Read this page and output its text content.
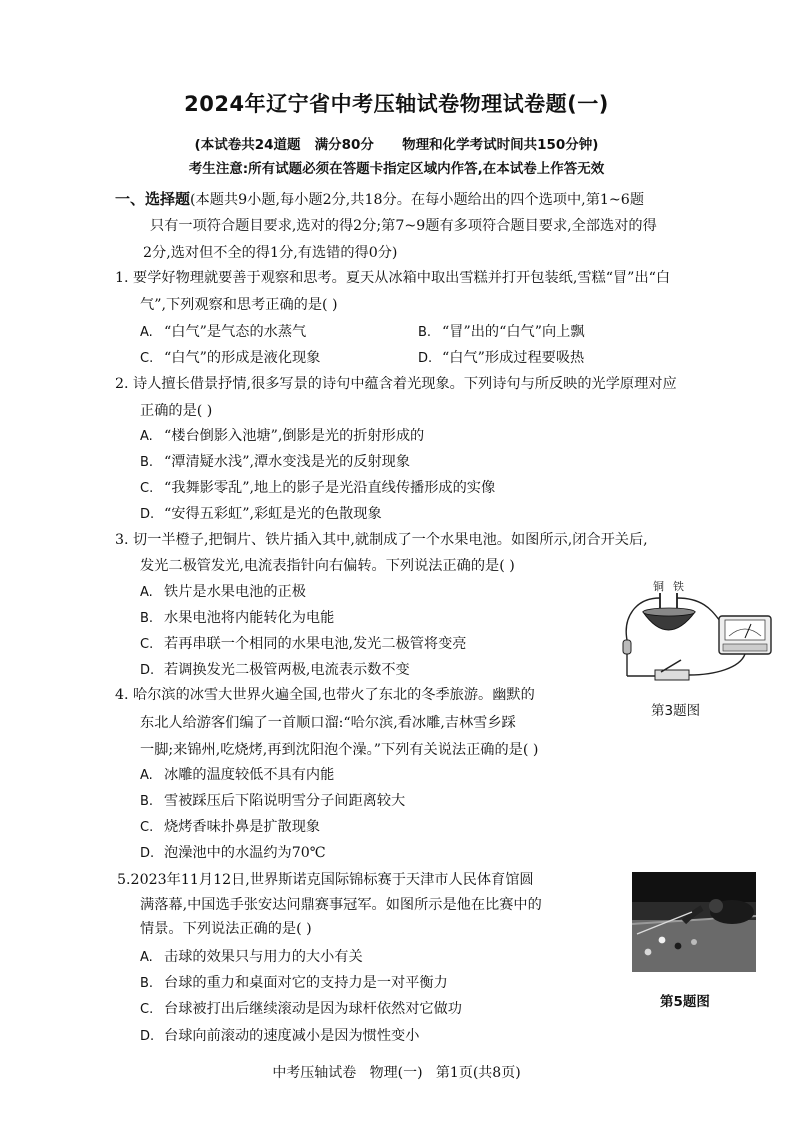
2024年辽宁省中考压轴试卷物理试卷题(一)
(本试卷共24道题   满分80分      物理和化学考试时间共150分钟)
考生注意:所有试题必须在答题卡指定区域内作答,在本试卷上作答无效
一、选择题(本题共9小题,每小题2分,共18分。在每小题给出的四个选项中,第1~6题
只有一项符合题目要求,选对的得2分;第7~9题有多项符合题目要求,全部选对的得
2分,选对但不全的得1分,有选错的得0分)
1. 要学好物理就要善于观察和思考。夏天从冰箱中取出雪糕并打开包装纸,雪糕“冒”出“白
气”,下列观察和思考正确的是( )
A. “白气”是气态的水蒸气	B. “冒”出的“白气”向上飘
C. “白气”的形成是液化现象	D. “白气”形成过程要吸热
2. 诗人擅长借景抒情,很多写景的诗句中蕴含着光现象。下列诗句与所反映的光学原理对应
正确的是( )
A. “楼台倒影入池塘”,倒影是光的折射形成的
B. “潭清疑水浅”,潭水变浅是光的反射现象
C. “我舞影零乱”,地上的影子是光沿直线传播形成的实像
D. “安得五彩虹”,彩虹是光的色散现象
3. 切一半橙子,把铜片、铁片插入其中,就制成了一个水果电池。如图所示,闭合开关后,
发光二极管发光,电流表指针向右偏转。下列说法正确的是( )
A. 铁片是水果电池的正极
B. 水果电池将内能转化为电能
C. 若再串联一个相同的水果电池,发光二极管将变亮
D. 若调换发光二极管两极,电流表示数不变
铜 铁
第3题图
4. 哈尔滨的冰雪大世界火遍全国,也带火了东北的冬季旅游。幽默的
东北人给游客们编了一首顺口溜:“哈尔滨,看冰雕,吉林雪乡踩
一脚;来锦州,吃烧烤,再到沈阳泡个澡。”下列有关说法正确的是( )
A. 冰雕的温度较低不具有内能
B. 雪被踩压后下陷说明雪分子间距离较大
C. 烧烤香味扑鼻是扩散现象
D. 泡澡池中的水温约为70℃
5.2023年11月12日,世界斯诺克国际锦标赛于天津市人民体育馆圆
满落幕,中国选手张安达问鼎赛事冠军。如图所示是他在比赛中的
情景。下列说法正确的是( )
A. 击球的效果只与用力的大小有关
B. 台球的重力和桌面对它的支持力是一对平衡力
C. 台球被打出后继续滚动是因为球杆依然对它做功
D. 台球向前滚动的速度减小是因为惯性变小
第5题图
中考压轴试卷   物理(一)   第1页(共8页)
